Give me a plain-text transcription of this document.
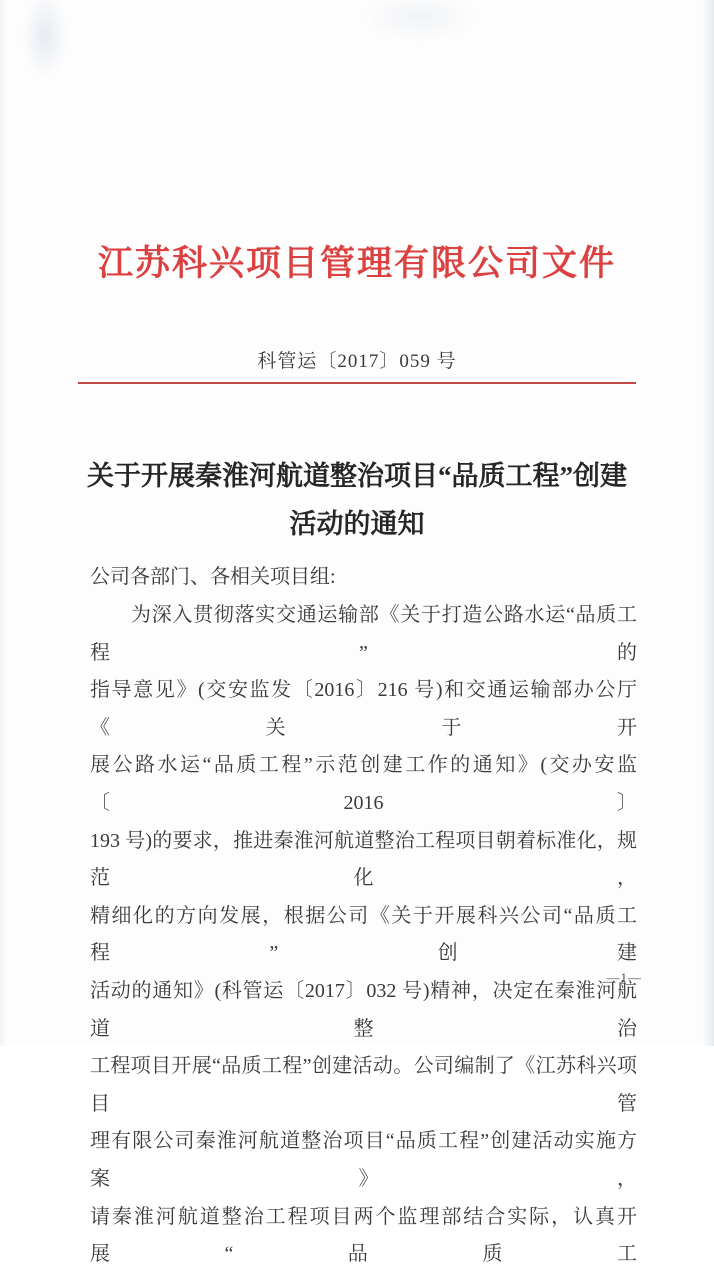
江苏科兴项目管理有限公司文件
科管运〔2017〕059 号
关于开展秦淮河航道整治项目“品质工程”创建
活动的通知
公司各部门、各相关项目组:
为深入贯彻落实交通运输部《关于打造公路水运“品质工程”的
指导意见》(交安监发〔2016〕216 号)和交通运输部办公厅《关于开
展公路水运“品质工程”示范创建工作的通知》(交办安监〔2016〕
193 号)的要求，推进秦淮河航道整治工程项目朝着标准化，规范化，
精细化的方向发展，根据公司《关于开展科兴公司“品质工程”创建
活动的通知》(科管运〔2017〕032 号)精神，决定在秦淮河航道整治
工程项目开展“品质工程”创建活动。公司编制了《江苏科兴项目管
理有限公司秦淮河航道整治项目“品质工程”创建活动实施方案》，
请秦淮河航道整治工程项目两个监理部结合实际，认真开展“品质工
—1—
